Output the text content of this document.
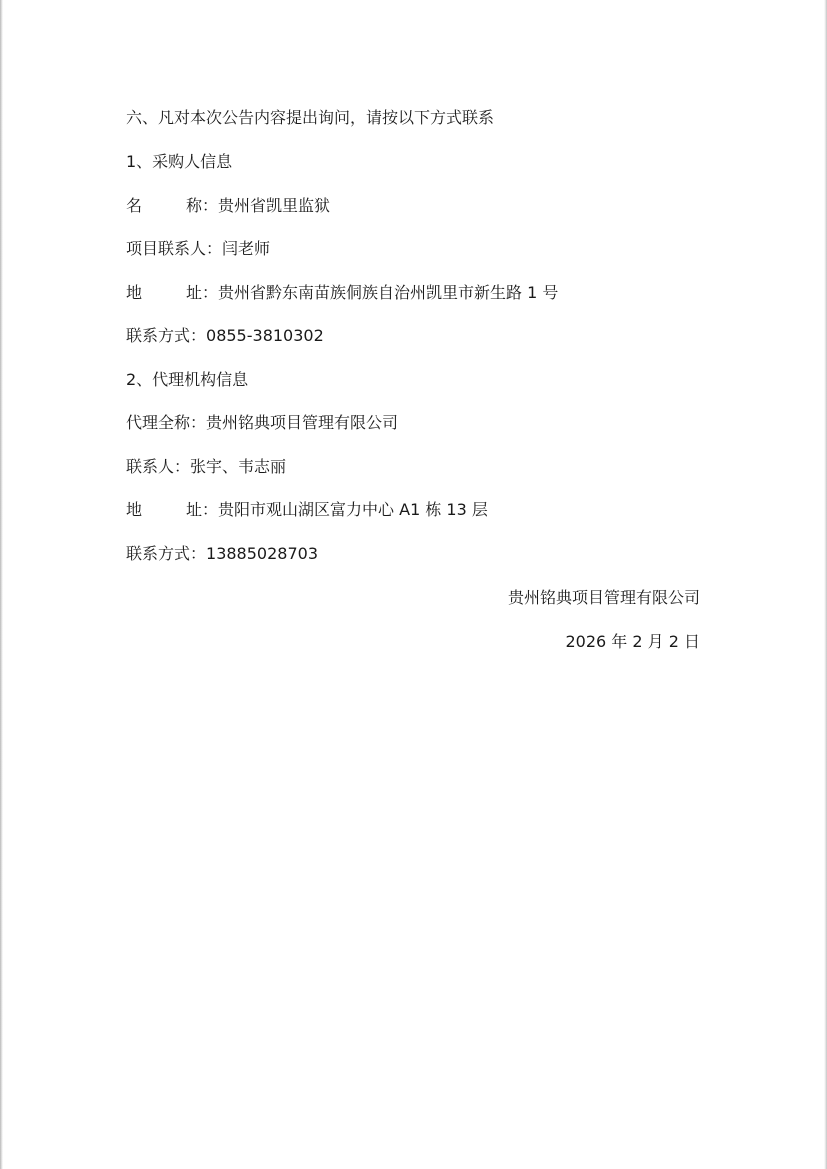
六、凡对本次公告内容提出询问，请按以下方式联系
1、采购人信息
名	称：贵州省凯里监狱
项目联系人：闫老师
地	址：贵州省黔东南苗族侗族自治州凯里市新生路 1 号
联系方式：0855-3810302
2、代理机构信息
代理全称：贵州铭典项目管理有限公司
联系人：张宇、韦志丽
地	址：贵阳市观山湖区富力中心 A1 栋 13 层
联系方式：13885028703
贵州铭典项目管理有限公司
2026 年 2 月 2 日
